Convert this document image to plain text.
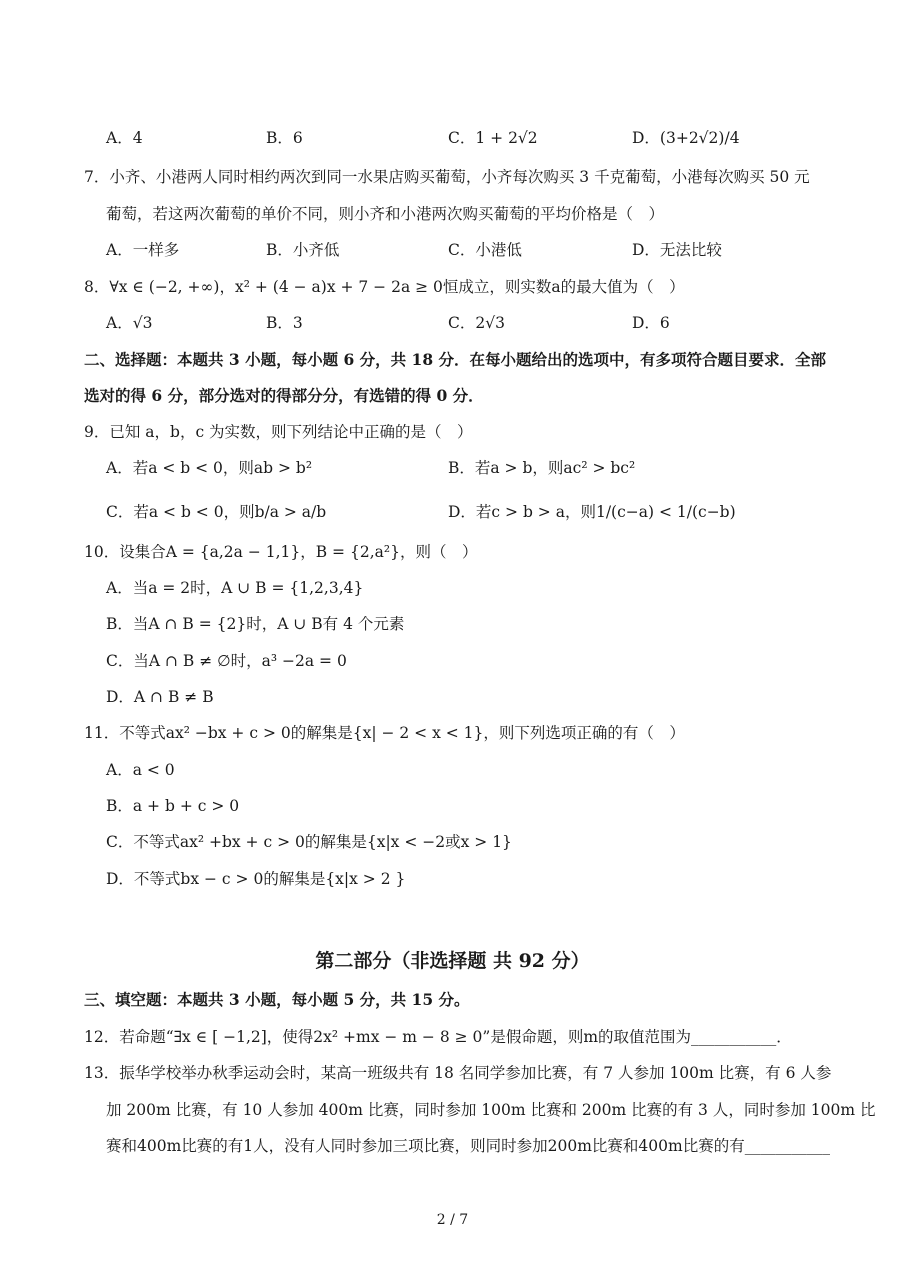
A．4	B．6	C．1 + 2√2	D．(3+2√2)/4
7．小齐、小港两人同时相约两次到同一水果店购买葡萄，小齐每次购买 3 千克葡萄，小港每次购买 50 元
葡萄，若这两次葡萄的单价不同，则小齐和小港两次购买葡萄的平均价格是（　）
A．一样多	B．小齐低	C．小港低	D．无法比较
8．∀x ∈ (−2, +∞)，x² + (4 − a)x + 7 − 2a ≥ 0恒成立，则实数a的最大值为（　）
A．√3	B．3	C．2√3	D．6
二、选择题：本题共 3 小题，每小题 6 分，共 18 分．在每小题给出的选项中，有多项符合题目要求．全部
选对的得 6 分，部分选对的得部分分，有选错的得 0 分．
9．已知 a，b，c 为实数，则下列结论中正确的是（　）
A．若a < b < 0，则ab > b²	B．若a > b，则ac² > bc²
C．若a < b < 0，则b/a > a/b	D．若c > b > a，则1/(c−a) < 1/(c−b)
10．设集合A = {a,2a − 1,1}，B = {2,a²}，则（　）
A．当a = 2时，A ∪ B = {1,2,3,4}
B．当A ∩ B = {2}时，A ∪ B有 4 个元素
C．当A ∩ B ≠ ∅时，a³ −2a = 0
D．A ∩ B ≠ B
11．不等式ax² −bx + c > 0的解集是{x| − 2 < x < 1}，则下列选项正确的有（　）
A．a < 0
B．a + b + c > 0
C．不等式ax² +bx + c > 0的解集是{x|x < −2或x > 1}
D．不等式bx − c > 0的解集是{x|x > 2 }
第二部分（非选择题 共 92 分）
三、填空题：本题共 3 小题，每小题 5 分，共 15 分。
12．若命题“∃x ∈ [ −1,2]，使得2x² +mx − m − 8 ≥ 0”是假命题，则m的取值范围为___________．
13．振华学校举办秋季运动会时，某高一班级共有 18 名同学参加比赛，有 7 人参加 100m 比赛，有 6 人参
加 200m 比赛，有 10 人参加 400m 比赛，同时参加 100m 比赛和 200m 比赛的有 3 人，同时参加 100m 比
赛和400m比赛的有1人，没有人同时参加三项比赛，则同时参加200m比赛和400m比赛的有___________
2 / 7
